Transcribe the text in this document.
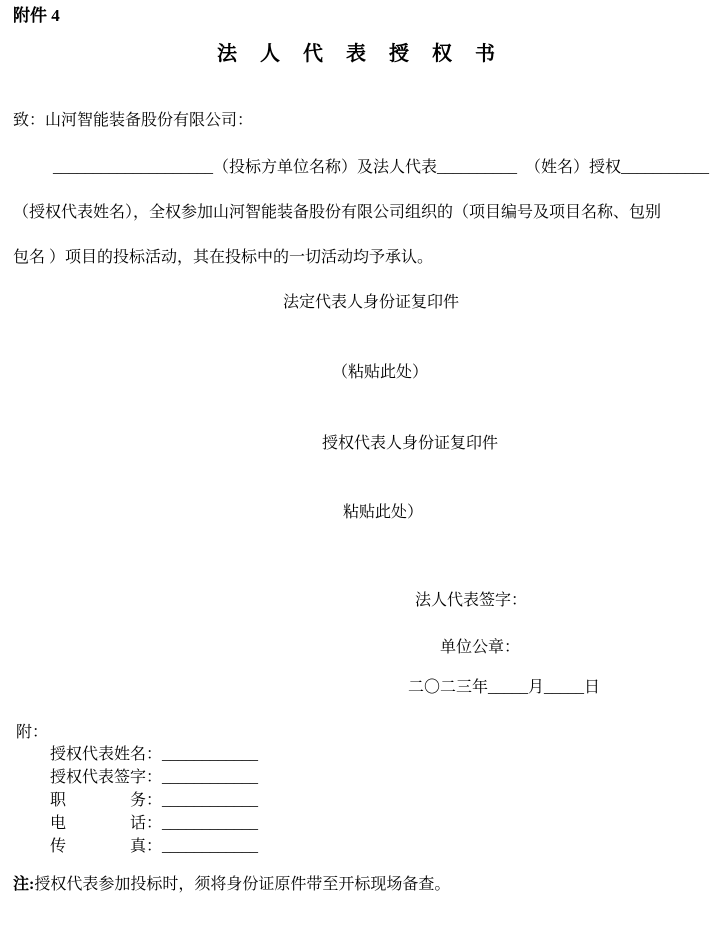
附件 4
法 人 代 表 授 权 书
致：山河智能装备股份有限公司：
____________________（投标方单位名称）及法人代表__________　（姓名）授权___________
（授权代表姓名），全权参加山河智能装备股份有限公司组织的（项目编号及项目名称、包别
包名 ）项目的投标活动，其在投标中的一切活动均予承认。
法定代表人身份证复印件
（粘贴此处）
授权代表人身份证复印件
粘贴此处）
法人代表签字：
单位公章：
二〇二三年_____月_____日
附：
授权代表姓名：____________
授权代表签字：____________
职　　　　务：____________
电　　　　话：____________
传　　　　真：____________
注:授权代表参加投标时，须将身份证原件带至开标现场备查。
